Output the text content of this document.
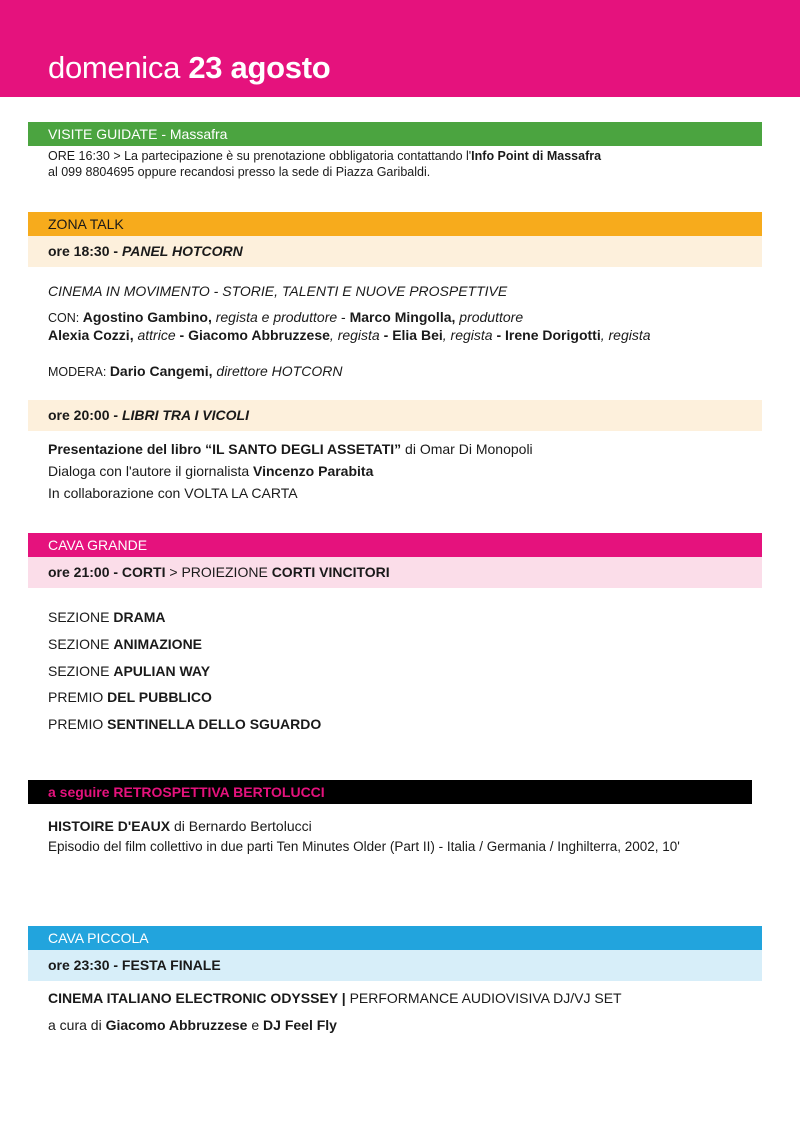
domenica 23 agosto
VISITE GUIDATE - Massafra
ORE 16:30 > La partecipazione è su prenotazione obbligatoria contattando l'Info Point di Massafra
al 099 8804695 oppure recandosi presso la sede di Piazza Garibaldi.
ZONA TALK
ore 18:30 - PANEL HOTCORN
CINEMA IN MOVIMENTO - STORIE, TALENTI E NUOVE PROSPETTIVE
CON: Agostino Gambino, regista e produttore - Marco Mingolla, produttore
Alexia Cozzi, attrice - Giacomo Abbruzzese, regista - Elia Bei, regista - Irene Dorigotti, regista
MODERA: Dario Cangemi, direttore HOTCORN
ore 20:00 - LIBRI TRA I VICOLI
Presentazione del libro “IL SANTO DEGLI ASSETATI” di Omar Di Monopoli
Dialoga con l'autore il giornalista Vincenzo Parabita
In collaborazione con VOLTA LA CARTA
CAVA GRANDE
ore 21:00 - CORTI > PROIEZIONE CORTI VINCITORI
SEZIONE DRAMA
SEZIONE ANIMAZIONE
SEZIONE APULIAN WAY
PREMIO DEL PUBBLICO
PREMIO SENTINELLA DELLO SGUARDO
a seguire RETROSPETTIVA BERTOLUCCI
HISTOIRE D'EAUX di Bernardo Bertolucci
Episodio del film collettivo in due parti Ten Minutes Older (Part II) - Italia / Germania / Inghilterra, 2002, 10'
CAVA PICCOLA
ore 23:30 - FESTA FINALE
CINEMA ITALIANO ELECTRONIC ODYSSEY | PERFORMANCE AUDIOVISIVA DJ/VJ SET
a cura di Giacomo Abbruzzese e DJ Feel Fly
